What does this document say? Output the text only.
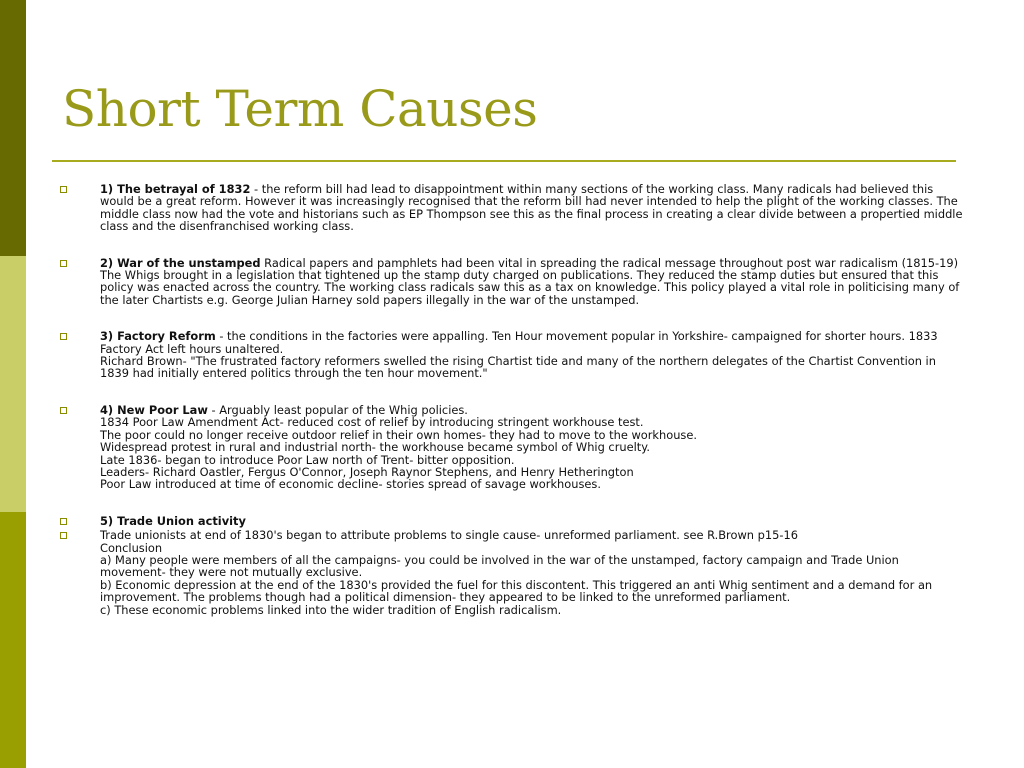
Short Term Causes
1) The betrayal of 1832 - the reform bill had lead to disappointment within many sections of the working class. Many radicals had believed this would be a great reform. However it was increasingly recognised that the reform bill had never intended to help the plight of the working classes. The middle class now had the vote and historians such as EP Thompson see this as the final process in creating a clear divide between a propertied middle class and the disenfranchised working class.
2) War of the unstamped Radical papers and pamphlets had been vital in spreading the radical message throughout post war radicalism (1815-19) The Whigs brought in a legislation that tightened up the stamp duty charged on publications. They reduced the stamp duties but ensured that this policy was enacted across the country. The working class radicals saw this as a tax on knowledge. This policy played a vital role in politicising many of the later Chartists e.g. George Julian Harney sold papers illegally in the war of the unstamped.
3) Factory Reform - the conditions in the factories were appalling. Ten Hour movement popular in Yorkshire- campaigned for shorter hours. 1833 Factory Act left hours unaltered.
Richard Brown- "The frustrated factory reformers swelled the rising Chartist tide and many of the northern delegates of the Chartist Convention in 1839 had initially entered politics through the ten hour movement."
4) New Poor Law - Arguably least popular of the Whig policies.
1834 Poor Law Amendment Act- reduced cost of relief by introducing stringent workhouse test.
The poor could no longer receive outdoor relief in their own homes- they had to move to the workhouse.
Widespread protest in rural and industrial north- the workhouse became symbol of Whig cruelty.
Late 1836- began to introduce Poor Law north of Trent- bitter opposition.
Leaders- Richard Oastler, Fergus O'Connor, Joseph Raynor Stephens, and Henry Hetherington
Poor Law introduced at time of economic decline- stories spread of savage workhouses.
5) Trade Union activity
Trade unionists at end of 1830's began to attribute problems to single cause- unreformed parliament. see R.Brown p15-16
Conclusion
a) Many people were members of all the campaigns- you could be involved in the war of the unstamped, factory campaign and Trade Union movement- they were not mutually exclusive.
b) Economic depression at the end of the 1830's provided the fuel for this discontent. This triggered an anti Whig sentiment and a demand for an improvement. The problems though had a political dimension- they appeared to be linked to the unreformed parliament.
c) These economic problems linked into the wider tradition of English radicalism.
